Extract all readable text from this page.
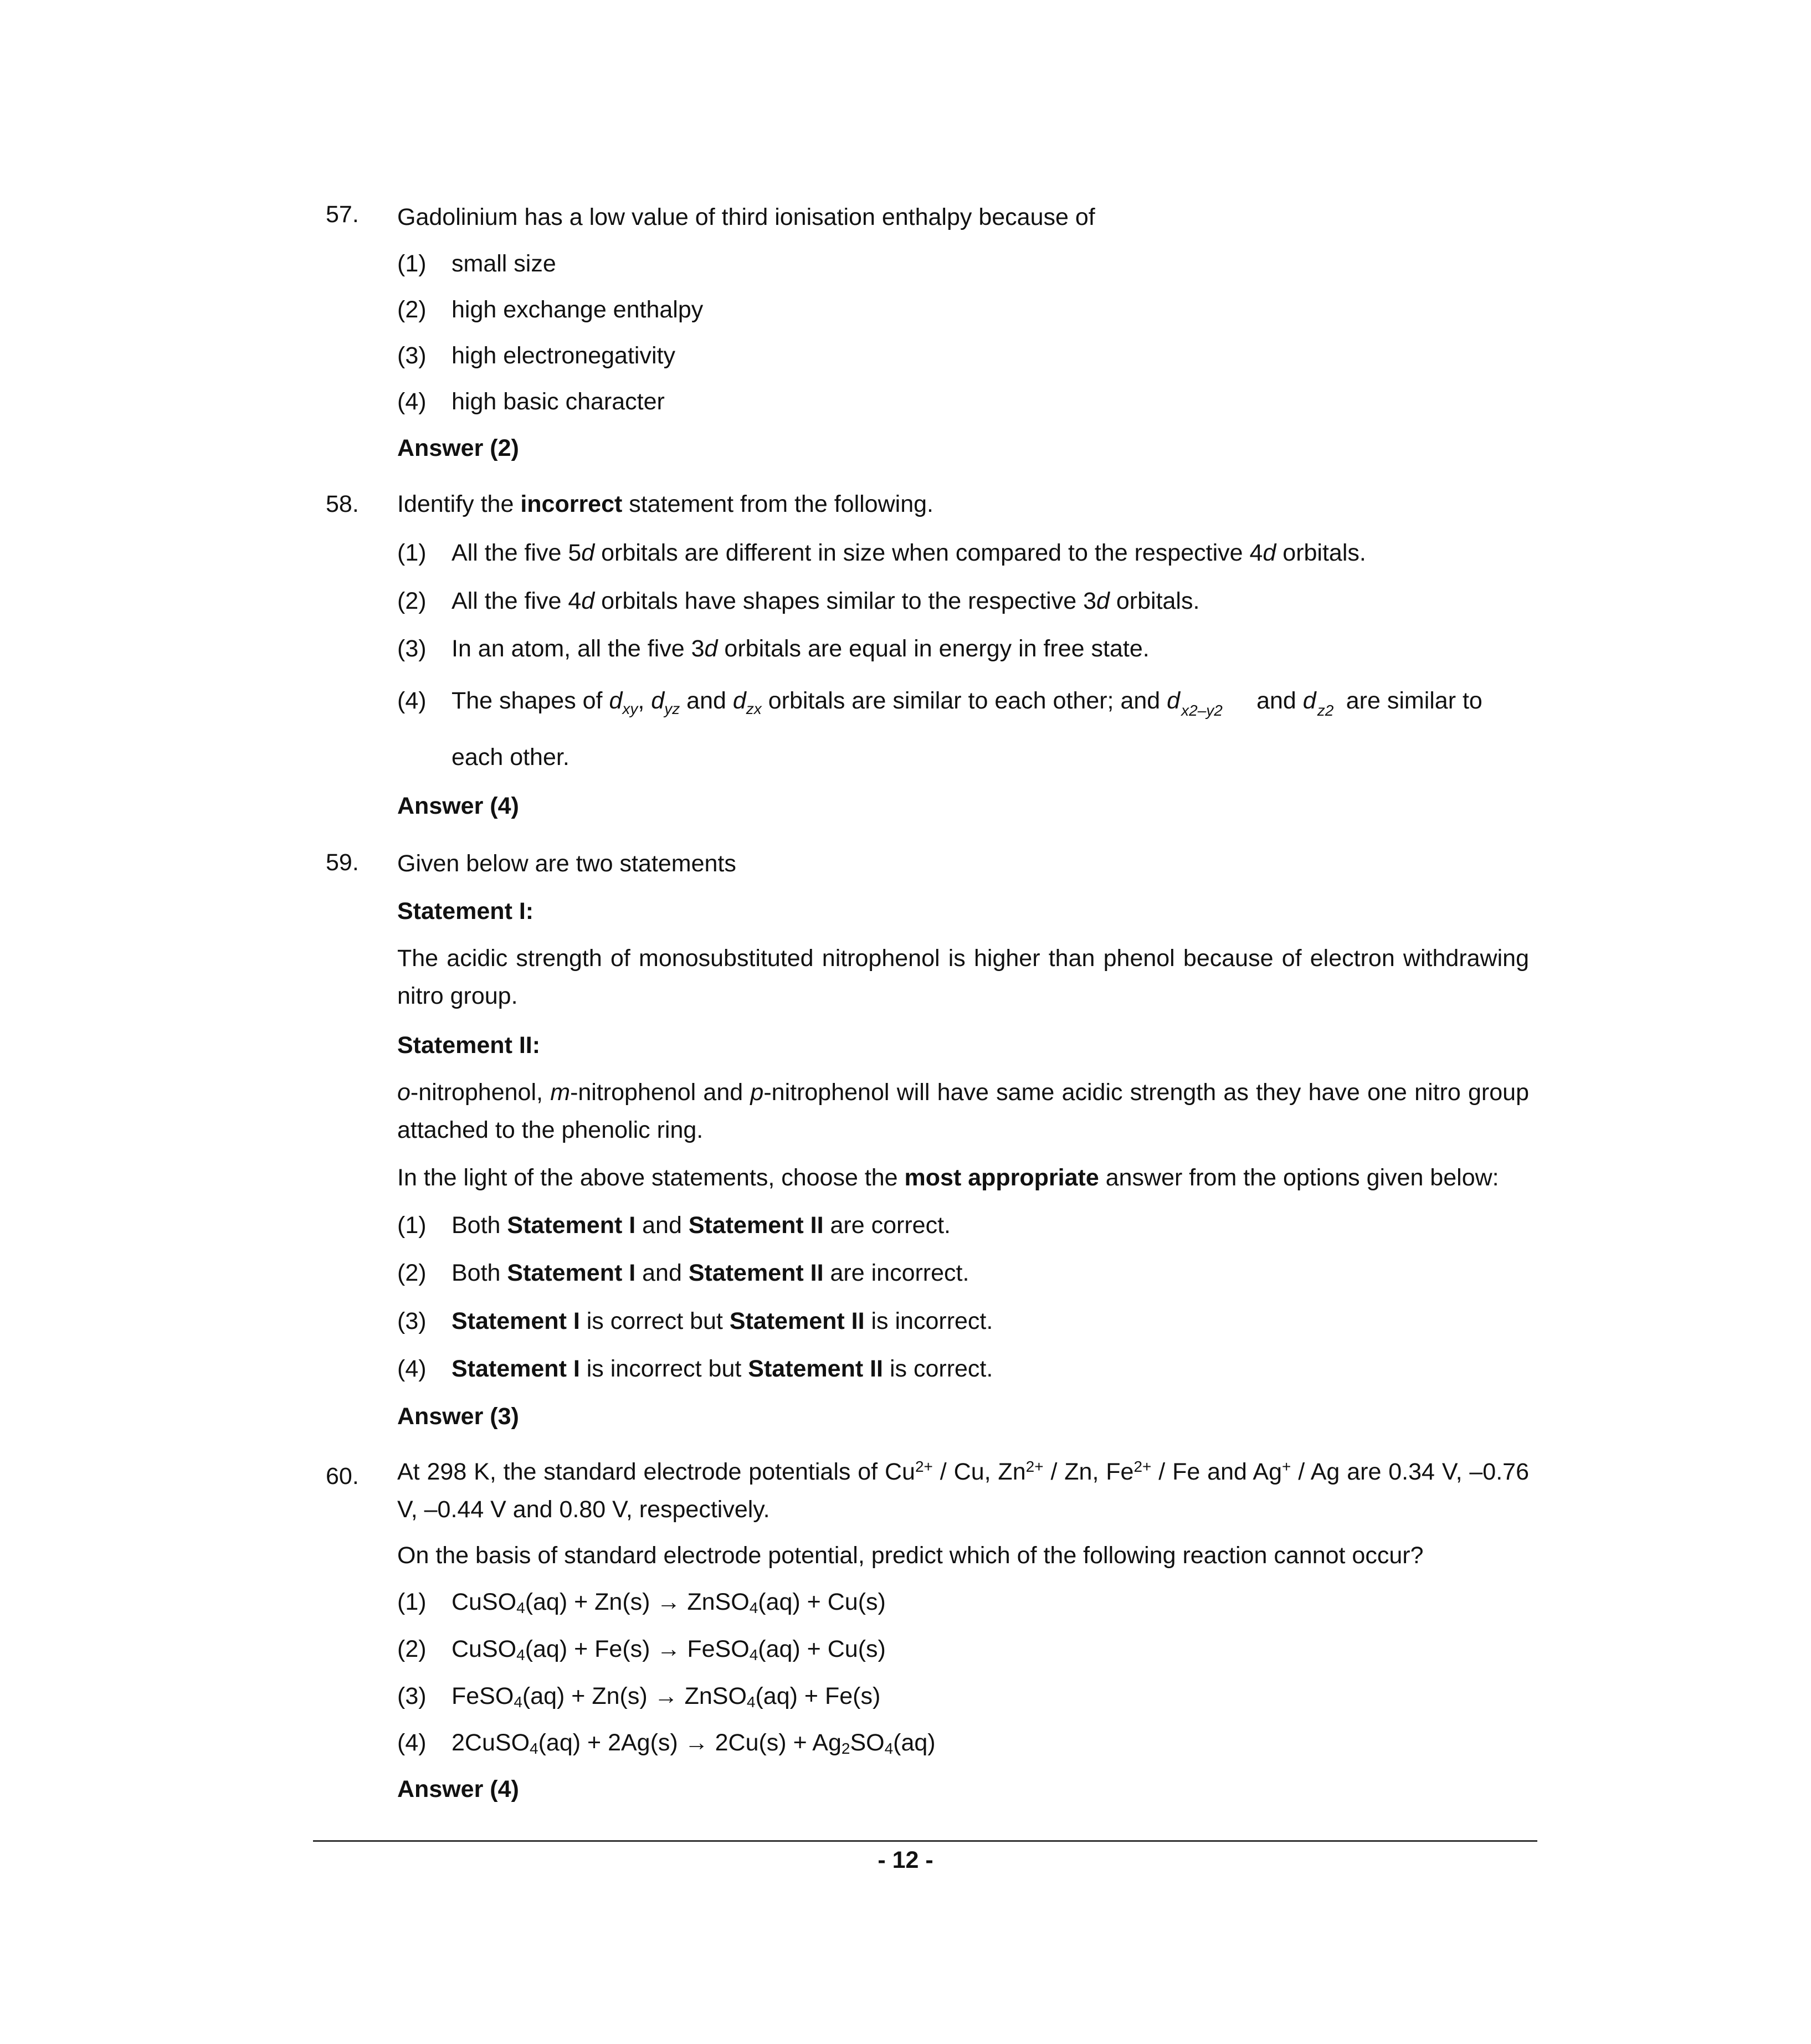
57. Gadolinium has a low value of third ionisation enthalpy because of
(1) small size
(2) high exchange enthalpy
(3) high electronegativity
(4) high basic character
Answer (2)
58. Identify the incorrect statement from the following.
(1) All the five 5d orbitals are different in size when compared to the respective 4d orbitals.
(2) All the five 4d orbitals have shapes similar to the respective 3d orbitals.
(3) In an atom, all the five 3d orbitals are equal in energy in free state.
(4) The shapes of $d_{xy}$, $d_{yz}$ and $d_{zx}$ orbitals are similar to each other; and d x2–y2 and d z2 are similar to
each other.
Answer (4)
59. Given below are two statements
Statement I:
The acidic strength of monosubstituted nitrophenol is higher than phenol because of electron withdrawing nitro group.
Statement II:
o-nitrophenol, m-nitrophenol and p-nitrophenol will have same acidic strength as they have one nitro group attached to the phenolic ring.
In the light of the above statements, choose the most appropriate answer from the options given below:
(1) Both Statement I and Statement II are correct.
(2) Both Statement I and Statement II are incorrect.
(3) Statement I is correct but Statement II is incorrect.
(4) Statement I is incorrect but Statement II is correct.
Answer (3)
60. At 298 K, the standard electrode potentials of $Cu^{2+}$ / Cu, $Zn^{2+}$ / Zn, $Fe^{2+}$ / Fe and Ag+ / Ag are 0.34 V, –0.76 V, –0.44 V and 0.80 V, respectively.
On the basis of standard electrode potential, predict which of the following reaction cannot occur?
(1) CuSO$_4$(aq) + Zn(s) → ZnSO$_4$(aq) + Cu(s)
(2) CuSO$_4$(aq) + Fe(s) → FeSO$_4$(aq) + Cu(s)
(3) FeSO$_4$(aq) + Zn(s) → ZnSO$_4$(aq) + Fe(s)
(4) 2CuSO$_4$(aq) + $2Ag(s) \to 2Cu(s) + Ag_2SO_4(aq)$
Answer (4)
- 12 -
